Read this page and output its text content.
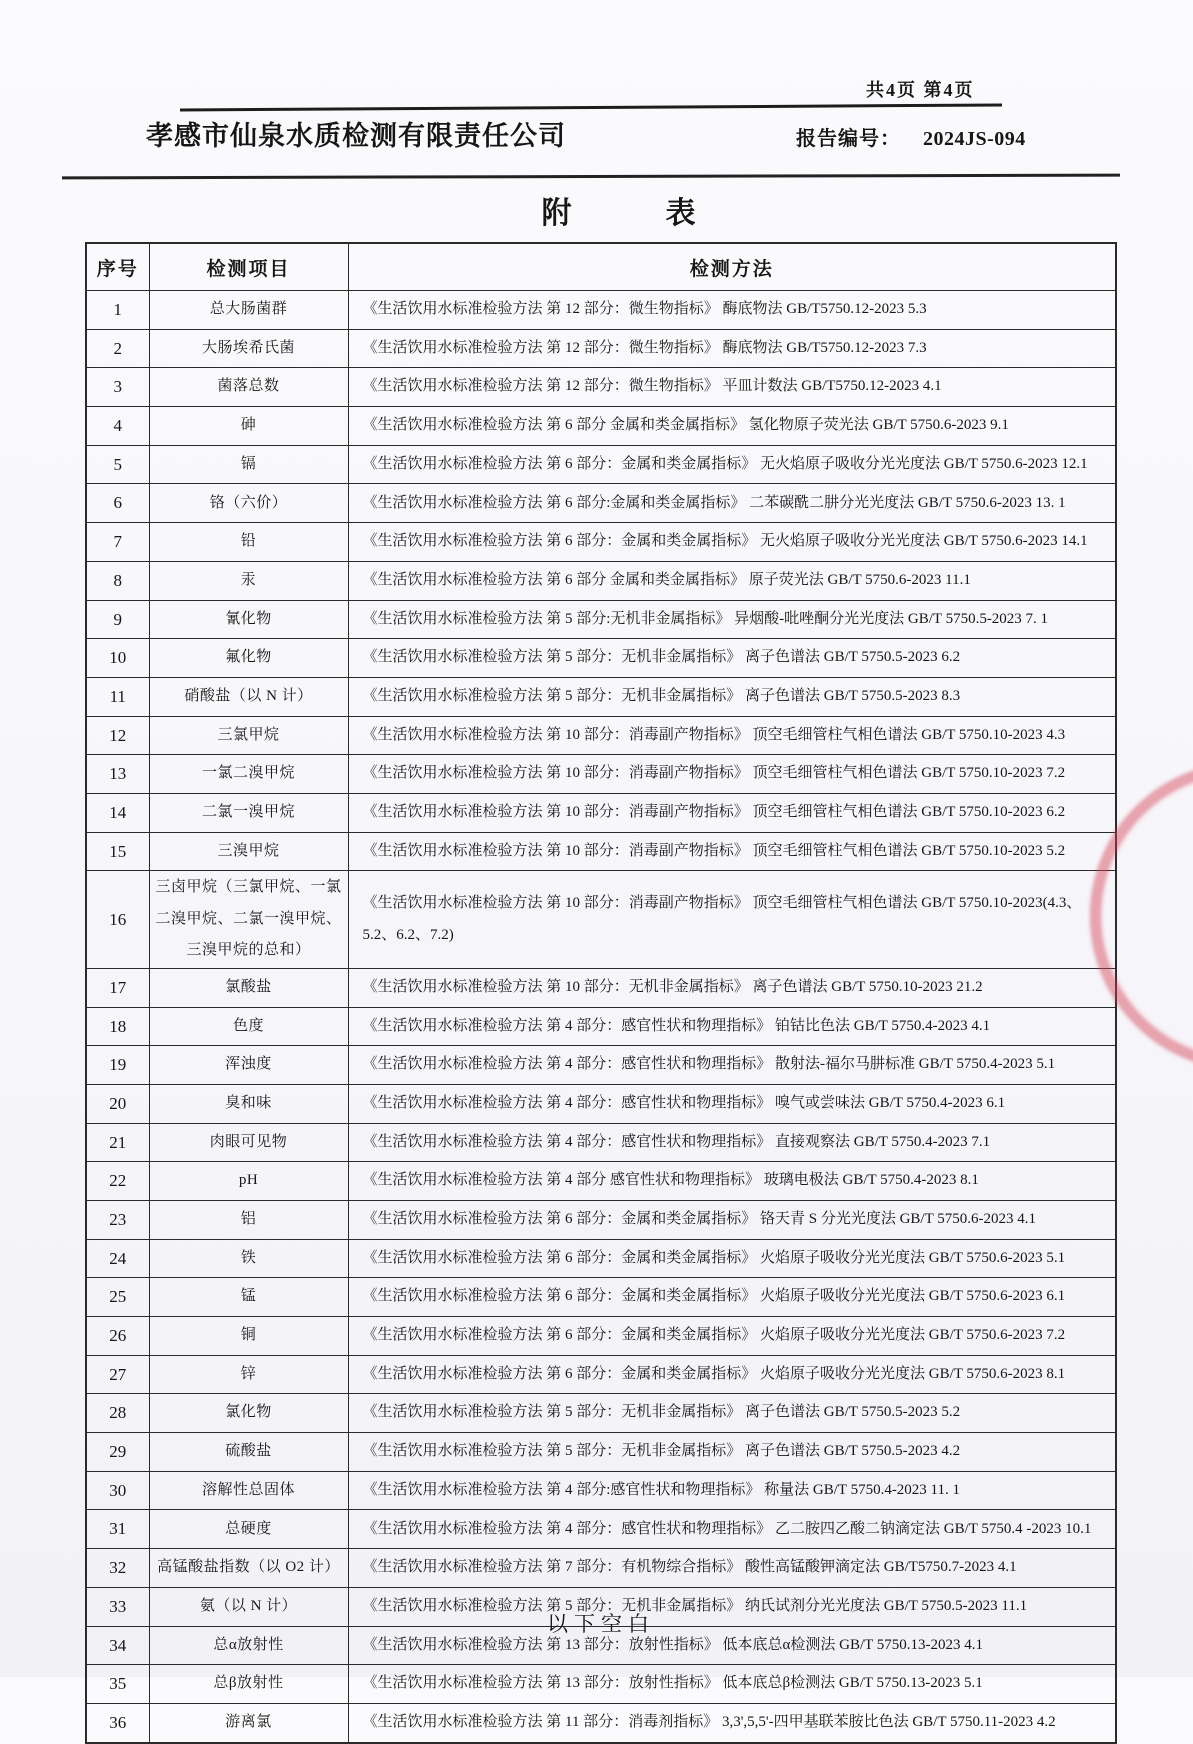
共4页 第4页
孝感市仙泉水质检测有限责任公司	报告编号： 2024JS-094
附	表
序号	检测项目	检测方法
1	总大肠菌群	《生活饮用水标准检验方法 第 12 部分：微生物指标》 酶底物法 GB/T5750.12-2023 5.3
2	大肠埃希氏菌	《生活饮用水标准检验方法 第 12 部分：微生物指标》 酶底物法 GB/T5750.12-2023 7.3
3	菌落总数	《生活饮用水标准检验方法 第 12 部分：微生物指标》 平皿计数法 GB/T5750.12-2023 4.1
4	砷	《生活饮用水标准检验方法 第 6 部分 金属和类金属指标》 氢化物原子荧光法 GB/T 5750.6-2023 9.1
5	镉	《生活饮用水标准检验方法 第 6 部分：金属和类金属指标》 无火焰原子吸收分光光度法 GB/T 5750.6-2023 12.1
6	铬（六价）	《生活饮用水标准检验方法 第 6 部分:金属和类金属指标》 二苯碳酰二肼分光光度法 GB/T 5750.6-2023 13. 1
7	铅	《生活饮用水标准检验方法 第 6 部分：金属和类金属指标》 无火焰原子吸收分光光度法 GB/T 5750.6-2023 14.1
8	汞	《生活饮用水标准检验方法 第 6 部分 金属和类金属指标》 原子荧光法 GB/T 5750.6-2023 11.1
9	氰化物	《生活饮用水标准检验方法 第 5 部分:无机非金属指标》 异烟酸-吡唑酮分光光度法 GB/T 5750.5-2023 7. 1
10	氟化物	《生活饮用水标准检验方法 第 5 部分：无机非金属指标》 离子色谱法 GB/T 5750.5-2023 6.2
11	硝酸盐（以 N 计）	《生活饮用水标准检验方法 第 5 部分：无机非金属指标》 离子色谱法 GB/T 5750.5-2023 8.3
12	三氯甲烷	《生活饮用水标准检验方法 第 10 部分：消毒副产物指标》 顶空毛细管柱气相色谱法 GB/T 5750.10-2023 4.3
13	一氯二溴甲烷	《生活饮用水标准检验方法 第 10 部分：消毒副产物指标》 顶空毛细管柱气相色谱法 GB/T 5750.10-2023 7.2
14	二氯一溴甲烷	《生活饮用水标准检验方法 第 10 部分：消毒副产物指标》 顶空毛细管柱气相色谱法 GB/T 5750.10-2023 6.2
15	三溴甲烷	《生活饮用水标准检验方法 第 10 部分：消毒副产物指标》 顶空毛细管柱气相色谱法 GB/T 5750.10-2023 5.2
16	三卤甲烷（三氯甲烷、一氯二溴甲烷、二氯一溴甲烷、三溴甲烷的总和）	《生活饮用水标准检验方法 第 10 部分：消毒副产物指标》 顶空毛细管柱气相色谱法 GB/T 5750.10-2023(4.3、5.2、6.2、7.2)
17	氯酸盐	《生活饮用水标准检验方法 第 10 部分：无机非金属指标》 离子色谱法 GB/T 5750.10-2023 21.2
18	色度	《生活饮用水标准检验方法 第 4 部分：感官性状和物理指标》 铂钴比色法 GB/T 5750.4-2023 4.1
19	浑浊度	《生活饮用水标准检验方法 第 4 部分：感官性状和物理指标》 散射法-福尔马肼标准 GB/T 5750.4-2023 5.1
20	臭和味	《生活饮用水标准检验方法 第 4 部分：感官性状和物理指标》 嗅气或尝味法 GB/T 5750.4-2023 6.1
21	肉眼可见物	《生活饮用水标准检验方法 第 4 部分：感官性状和物理指标》 直接观察法 GB/T 5750.4-2023 7.1
22	pH	《生活饮用水标准检验方法 第 4 部分 感官性状和物理指标》 玻璃电极法 GB/T 5750.4-2023 8.1
23	铝	《生活饮用水标准检验方法 第 6 部分：金属和类金属指标》 铬天青 S 分光光度法 GB/T 5750.6-2023 4.1
24	铁	《生活饮用水标准检验方法 第 6 部分：金属和类金属指标》 火焰原子吸收分光光度法 GB/T 5750.6-2023 5.1
25	锰	《生活饮用水标准检验方法 第 6 部分：金属和类金属指标》 火焰原子吸收分光光度法 GB/T 5750.6-2023 6.1
26	铜	《生活饮用水标准检验方法 第 6 部分：金属和类金属指标》 火焰原子吸收分光光度法 GB/T 5750.6-2023 7.2
27	锌	《生活饮用水标准检验方法 第 6 部分：金属和类金属指标》 火焰原子吸收分光光度法 GB/T 5750.6-2023 8.1
28	氯化物	《生活饮用水标准检验方法 第 5 部分：无机非金属指标》 离子色谱法 GB/T 5750.5-2023 5.2
29	硫酸盐	《生活饮用水标准检验方法 第 5 部分：无机非金属指标》 离子色谱法 GB/T 5750.5-2023 4.2
30	溶解性总固体	《生活饮用水标准检验方法 第 4 部分:感官性状和物理指标》 称量法 GB/T 5750.4-2023 11. 1
31	总硬度	《生活饮用水标准检验方法 第 4 部分：感官性状和物理指标》 乙二胺四乙酸二钠滴定法 GB/T 5750.4 -2023 10.1
32	高锰酸盐指数（以 O2 计）	《生活饮用水标准检验方法 第 7 部分：有机物综合指标》 酸性高锰酸钾滴定法 GB/T5750.7-2023 4.1
33	氨（以 N 计）	《生活饮用水标准检验方法 第 5 部分：无机非金属指标》 纳氏试剂分光光度法 GB/T 5750.5-2023 11.1
34	总α放射性	《生活饮用水标准检验方法 第 13 部分：放射性指标》 低本底总α检测法 GB/T 5750.13-2023 4.1
35	总β放射性	《生活饮用水标准检验方法 第 13 部分：放射性指标》 低本底总β检测法 GB/T 5750.13-2023 5.1
36	游离氯	《生活饮用水标准检验方法 第 11 部分：消毒剂指标》 3,3',5,5'-四甲基联苯胺比色法 GB/T 5750.11-2023 4.2
以下空白
